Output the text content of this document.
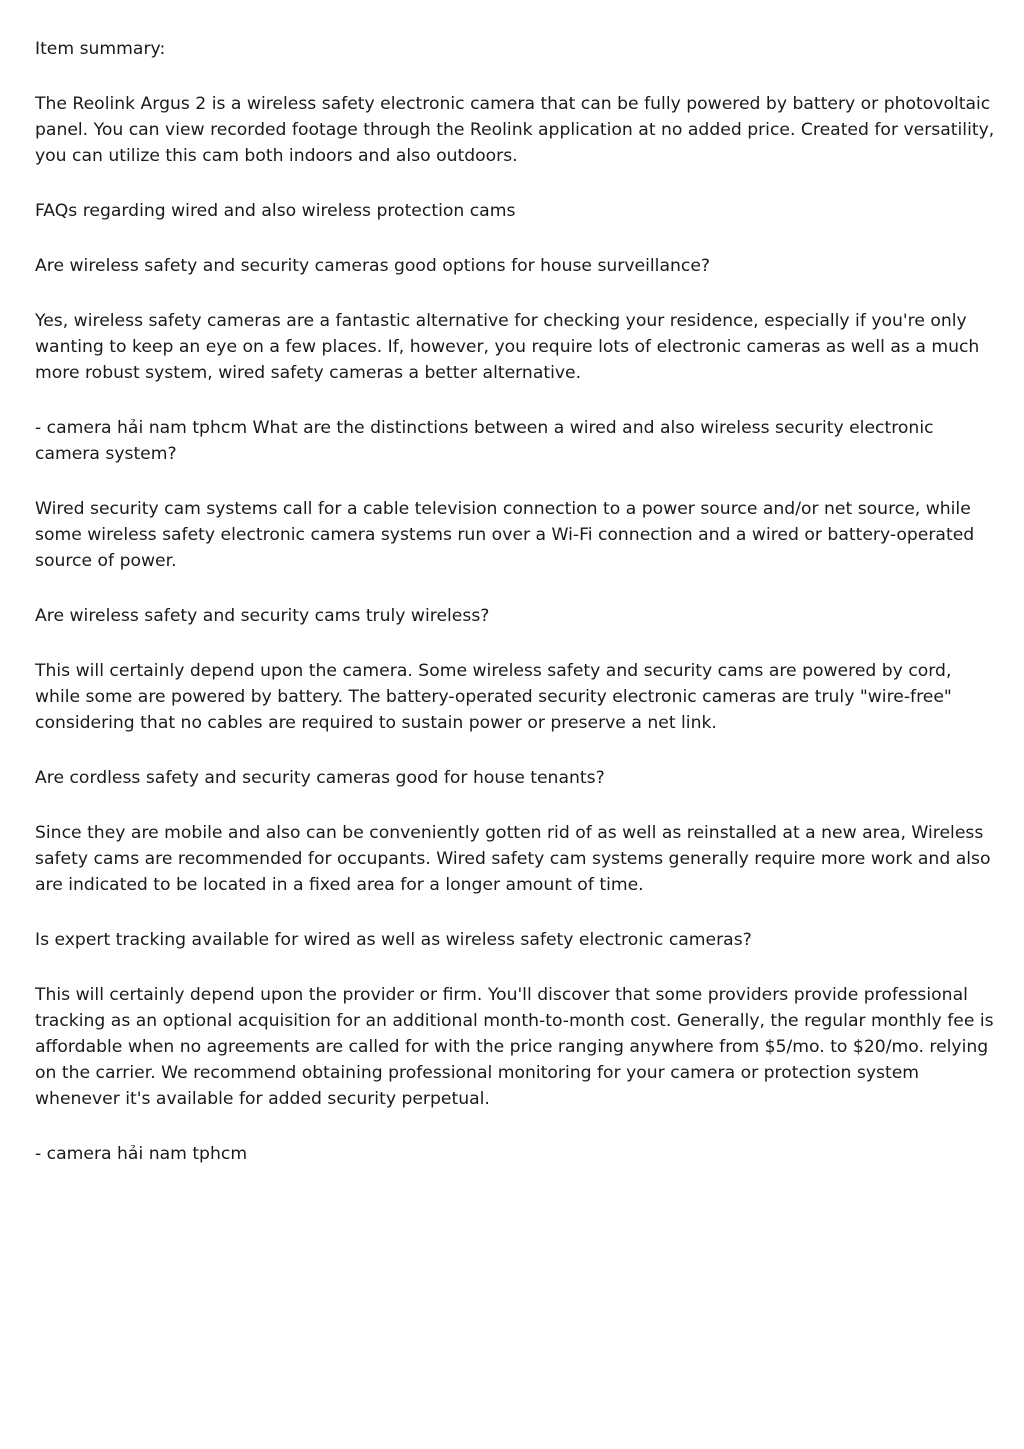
Item summary:

The Reolink Argus 2 is a wireless safety electronic camera that can be fully powered by battery or photovoltaic panel. You can view recorded footage through the Reolink application at no added price. Created for versatility, you can utilize this cam both indoors and also outdoors.

FAQs regarding wired and also wireless protection cams

Are wireless safety and security cameras good options for house surveillance?

Yes, wireless safety cameras are a fantastic alternative for checking your residence, especially if you're only wanting to keep an eye on a few places. If, however, you require lots of electronic cameras as well as a much more robust system, wired safety cameras a better alternative.

- camera hải nam tphcm What are the distinctions between a wired and also wireless security electronic camera system?

Wired security cam systems call for a cable television connection to a power source and/or net source, while some wireless safety electronic camera systems run over a Wi-Fi connection and a wired or battery-operated source of power.

Are wireless safety and security cams truly wireless?

This will certainly depend upon the camera. Some wireless safety and security cams are powered by cord, while some are powered by battery. The battery-operated security electronic cameras are truly "wire-free" considering that no cables are required to sustain power or preserve a net link.

Are cordless safety and security cameras good for house tenants?

Since they are mobile and also can be conveniently gotten rid of as well as reinstalled at a new area, Wireless safety cams are recommended for occupants. Wired safety cam systems generally require more work and also are indicated to be located in a fixed area for a longer amount of time.

Is expert tracking available for wired as well as wireless safety electronic cameras?

This will certainly depend upon the provider or firm. You'll discover that some providers provide professional tracking as an optional acquisition for an additional month-to-month cost. Generally, the regular monthly fee is affordable when no agreements are called for with the price ranging anywhere from $5/mo. to $20/mo. relying on the carrier. We recommend obtaining professional monitoring for your camera or protection system whenever it's available for added security perpetual.

- camera hải nam tphcm
